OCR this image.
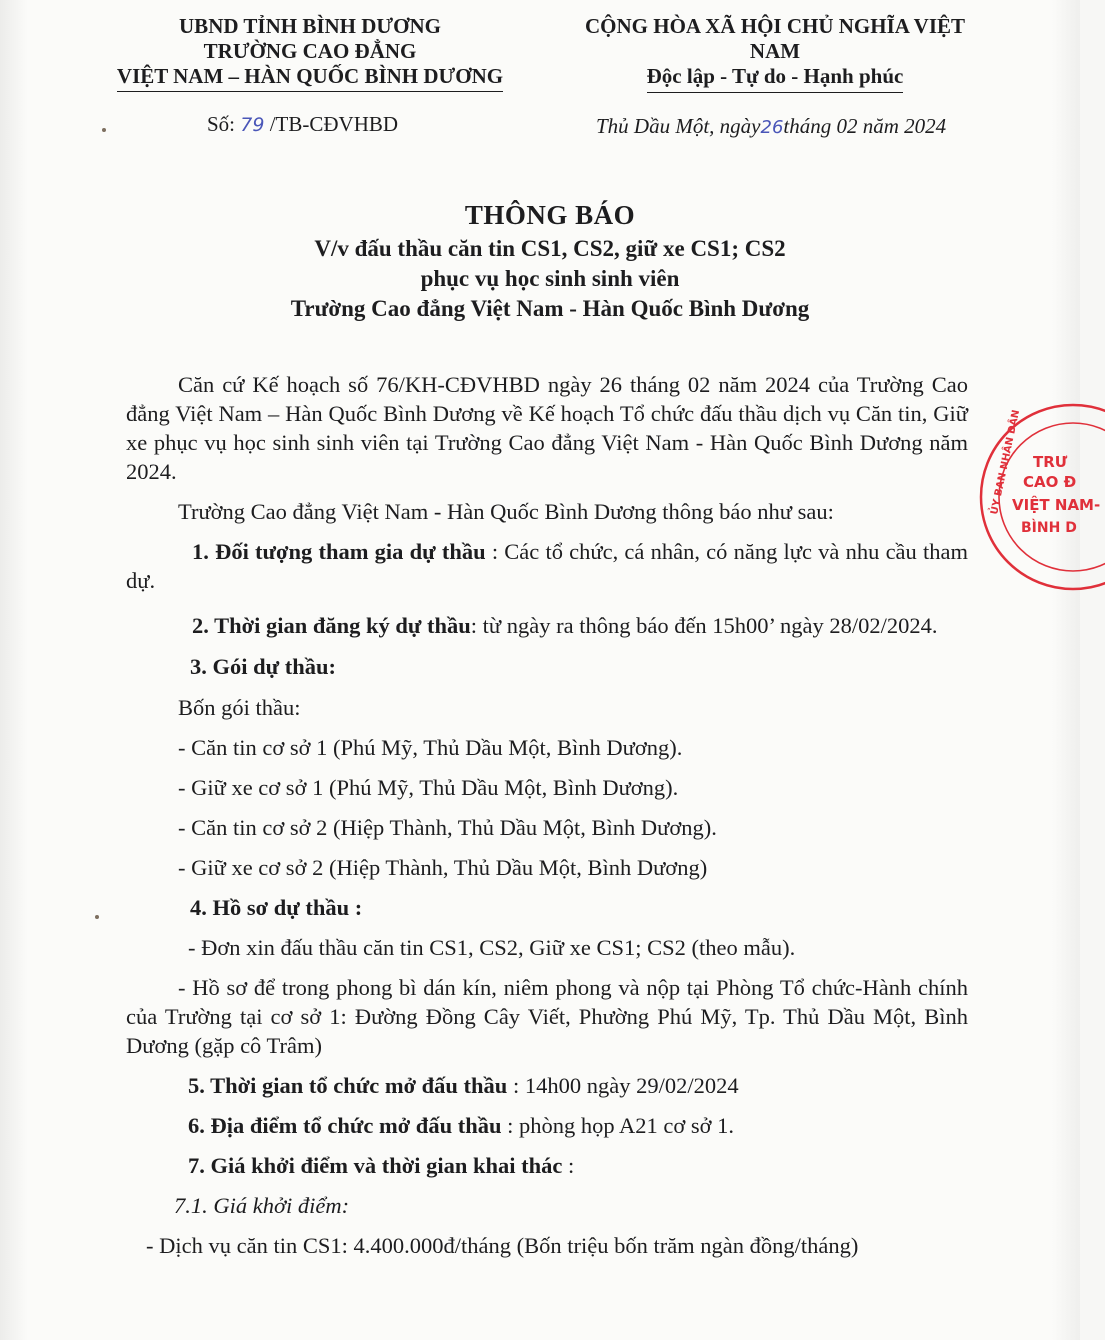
UBND TỈNH BÌNH DƯƠNG
TRƯỜNG CAO ĐẲNG
VIỆT NAM – HÀN QUỐC BÌNH DƯƠNG
CỘNG HÒA XÃ HỘI CHỦ NGHĨA VIỆT NAM
Độc lập - Tự do - Hạnh phúc
Số: 79 /TB-CĐVHBD	Thủ Dầu Một, ngày26tháng 02 năm 2024
THÔNG BÁO
V/v đấu thầu căn tin CS1, CS2, giữ xe CS1; CS2
phục vụ học sinh sinh viên
Trường Cao đẳng Việt Nam - Hàn Quốc Bình Dương

Căn cứ Kế hoạch số 76/KH-CĐVHBD ngày 26 tháng 02 năm 2024 của Trường Cao đẳng Việt Nam – Hàn Quốc Bình Dương về Kế hoạch Tổ chức đấu thầu dịch vụ Căn tin, Giữ xe phục vụ học sinh sinh viên tại Trường Cao đẳng Việt Nam - Hàn Quốc Bình Dương năm 2024.

Trường Cao đẳng Việt Nam - Hàn Quốc Bình Dương thông báo như sau:

1. Đối tượng tham gia dự thầu : Các tổ chức, cá nhân, có năng lực và nhu cầu tham dự.

2. Thời gian đăng ký dự thầu: từ ngày ra thông báo đến 15h00’ ngày 28/02/2024.

3. Gói dự thầu:
Bốn gói thầu:
- Căn tin cơ sở 1 (Phú Mỹ, Thủ Dầu Một, Bình Dương).
- Giữ xe cơ sở 1 (Phú Mỹ, Thủ Dầu Một, Bình Dương).
- Căn tin cơ sở 2 (Hiệp Thành, Thủ Dầu Một, Bình Dương).
- Giữ xe cơ sở 2 (Hiệp Thành, Thủ Dầu Một, Bình Dương)
4. Hồ sơ dự thầu :
- Đơn xin đấu thầu căn tin CS1, CS2, Giữ xe CS1; CS2 (theo mẫu).

- Hồ sơ để trong phong bì dán kín, niêm phong và nộp tại Phòng Tổ chức-Hành chính của Trường tại cơ sở 1: Đường Đồng Cây Viết, Phường Phú Mỹ, Tp. Thủ Dầu Một, Bình Dương (gặp cô Trâm)

5. Thời gian tổ chức mở đấu thầu : 14h00 ngày 29/02/2024
6. Địa điểm tổ chức mở đấu thầu : phòng họp A21 cơ sở 1.
7. Giá khởi điểm và thời gian khai thác :
7.1. Giá khởi điểm:

- Dịch vụ căn tin CS1: 4.400.000đ/tháng (Bốn triệu bốn trăm ngàn đồng/tháng)

ỦY BAN NHÂN DÂN TRƯ
CAO Đ
VIỆT NAM-
BÌNH D
